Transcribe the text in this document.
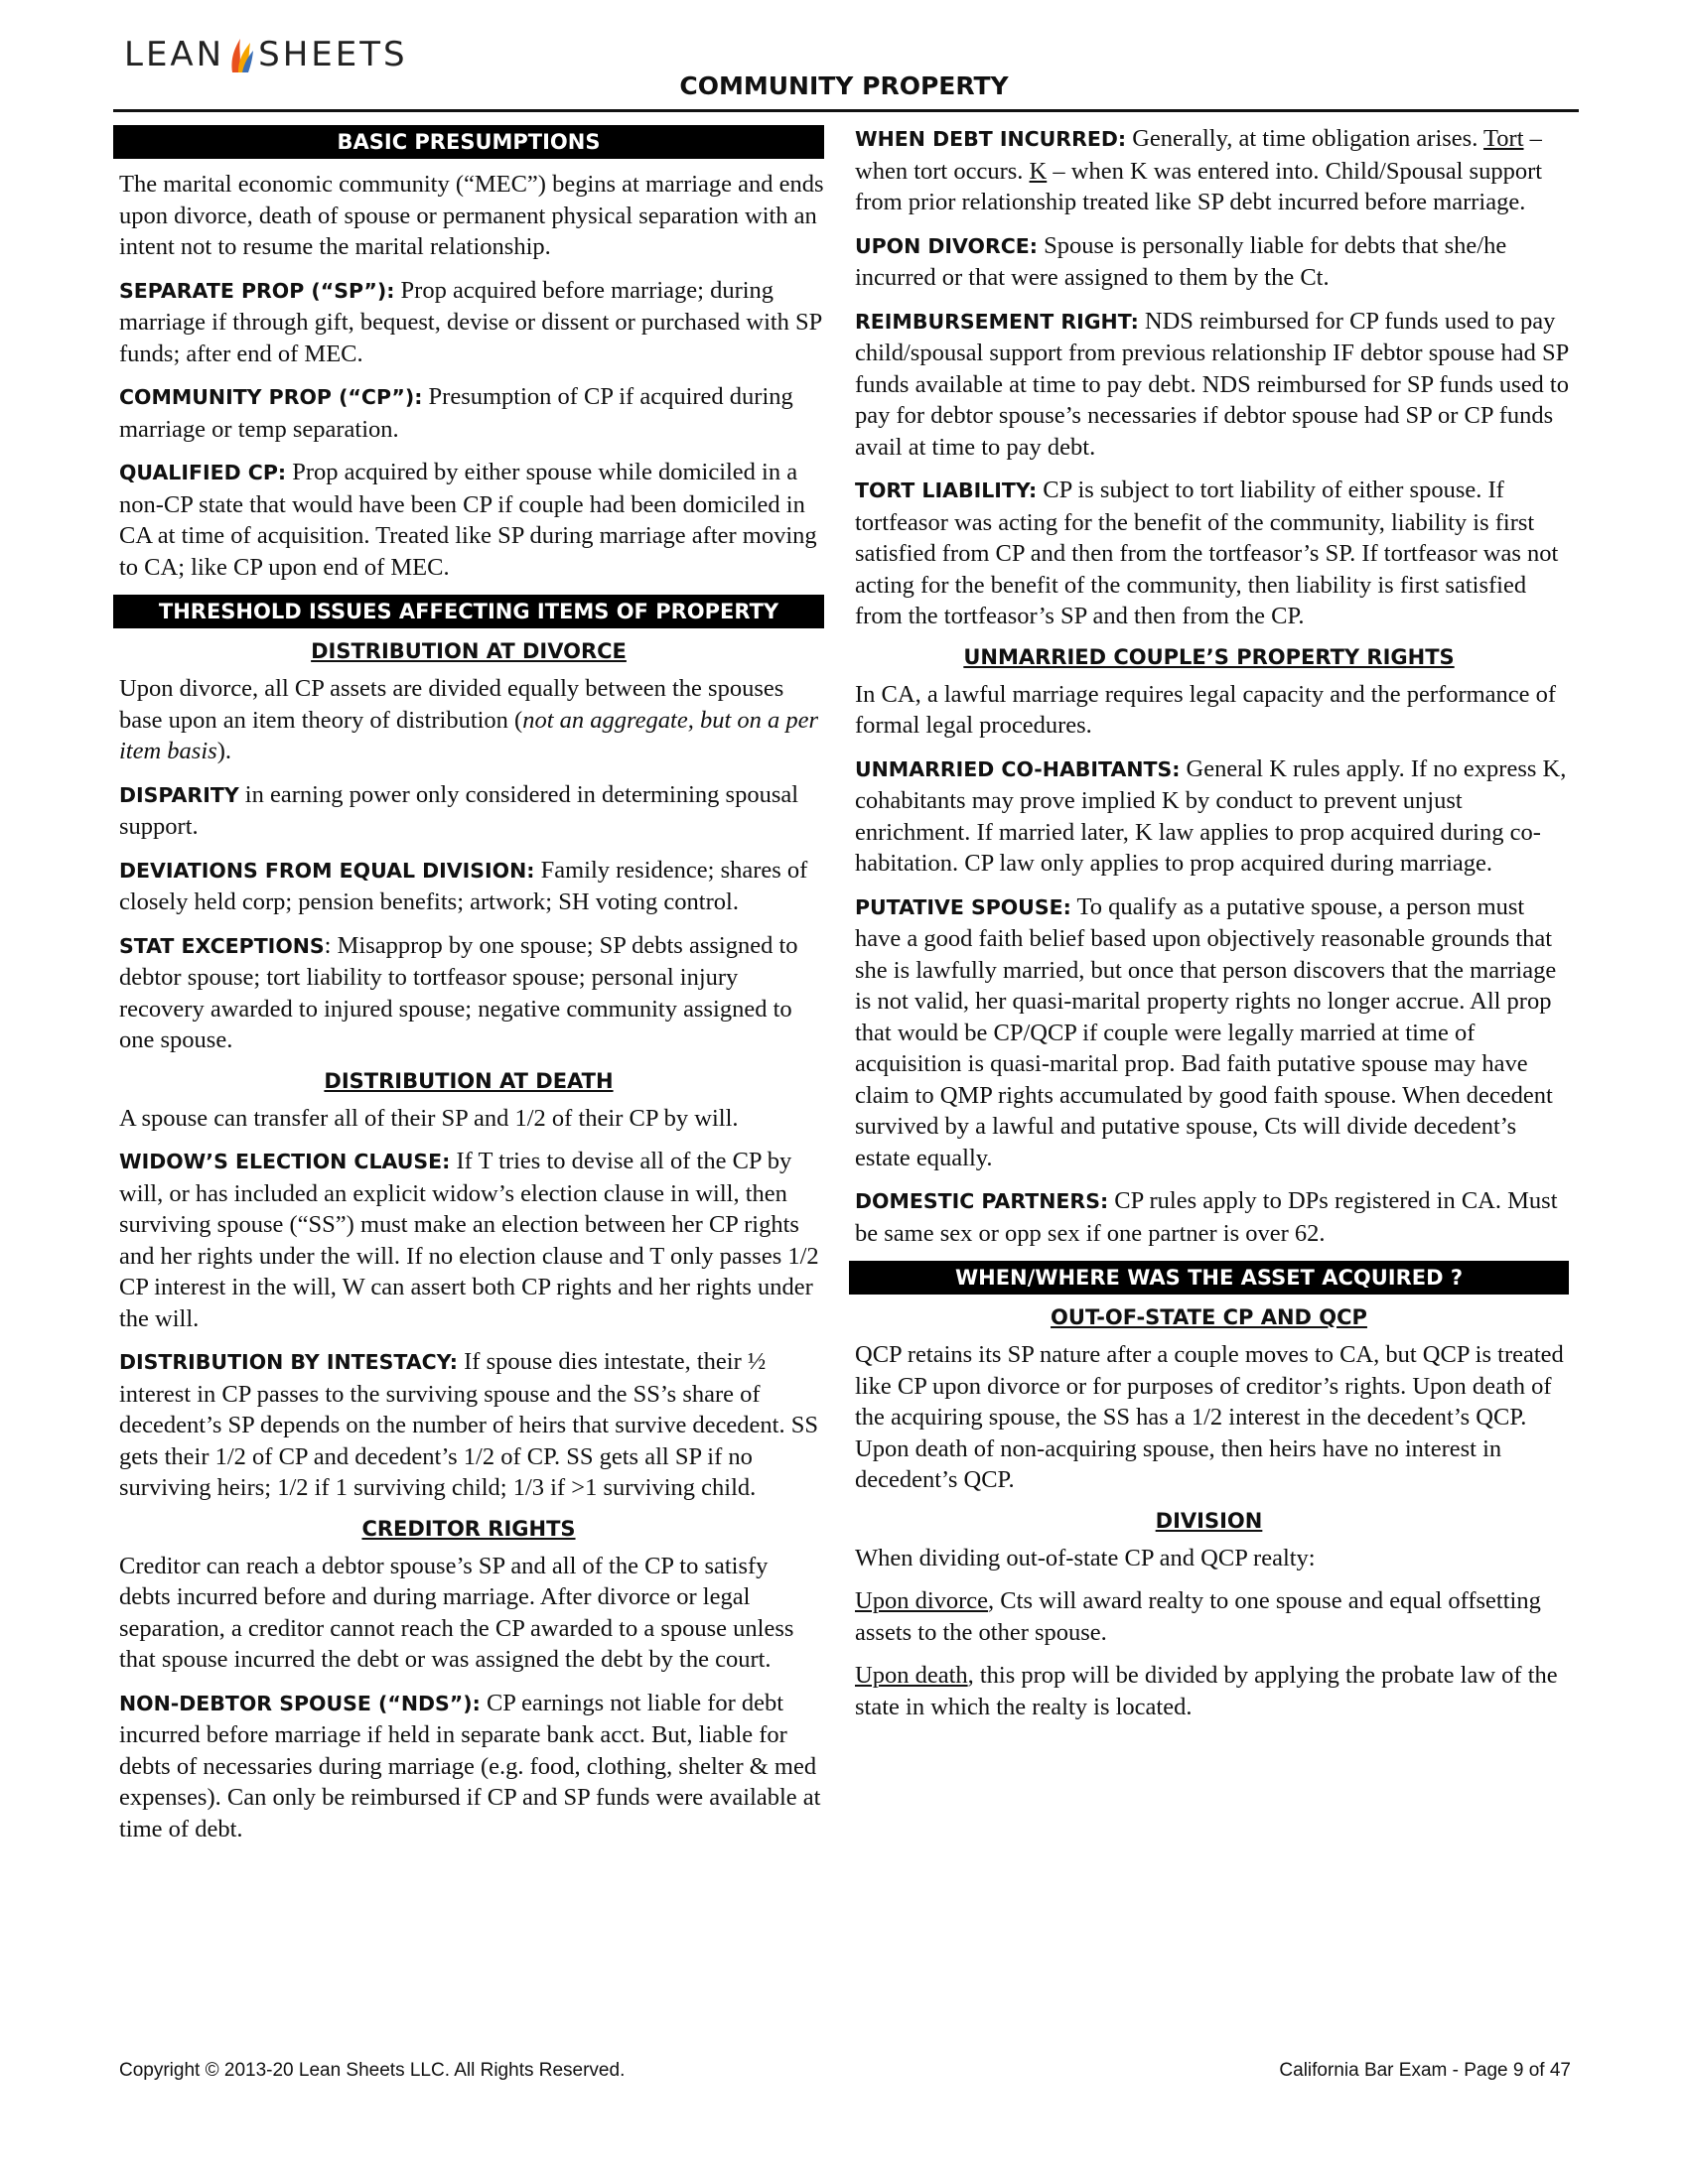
LEAN SHEETS
COMMUNITY PROPERTY
BASIC PRESUMPTIONS

The marital economic community (“MEC”) begins at marriage and ends upon divorce, death of spouse or permanent physical separation with an intent not to resume the marital relationship.

SEPARATE PROP (“SP”): Prop acquired before marriage; during marriage if through gift, bequest, devise or dissent or purchased with SP funds; after end of MEC.

COMMUNITY PROP (“CP”): Presumption of CP if acquired during marriage or temp separation.

QUALIFIED CP: Prop acquired by either spouse while domiciled in a non-CP state that would have been CP if couple had been domiciled in CA at time of acquisition. Treated like SP during marriage after moving to CA; like CP upon end of MEC.

THRESHOLD ISSUES AFFECTING ITEMS OF PROPERTY
DISTRIBUTION AT DIVORCE

Upon divorce, all CP assets are divided equally between the spouses base upon an item theory of distribution (not an aggregate, but on a per item basis).

DISPARITY in earning power only considered in determining spousal support.

DEVIATIONS FROM EQUAL DIVISION: Family residence; shares of closely held corp; pension benefits; artwork; SH voting control.

STAT EXCEPTIONS: Misapprop by one spouse; SP debts assigned to debtor spouse; tort liability to tortfeasor spouse; personal injury recovery awarded to injured spouse; negative community assigned to one spouse.

DISTRIBUTION AT DEATH

A spouse can transfer all of their SP and 1/2 of their CP by will.

WIDOW’S ELECTION CLAUSE: If T tries to devise all of the CP by will, or has included an explicit widow’s election clause in will, then surviving spouse (“SS”) must make an election between her CP rights and her rights under the will. If no election clause and T only passes 1/2 CP interest in the will, W can assert both CP rights and her rights under the will.

DISTRIBUTION BY INTESTACY: If spouse dies intestate, their ½ interest in CP passes to the surviving spouse and the SS’s share of decedent’s SP depends on the number of heirs that survive decedent. SS gets their 1/2 of CP and decedent’s 1/2 of CP. SS gets all SP if no surviving heirs; 1/2 if 1 surviving child; 1/3 if >1 surviving child.

CREDITOR RIGHTS

Creditor can reach a debtor spouse’s SP and all of the CP to satisfy debts incurred before and during marriage. After divorce or legal separation, a creditor cannot reach the CP awarded to a spouse unless that spouse incurred the debt or was assigned the debt by the court.

NON-DEBTOR SPOUSE (“NDS”): CP earnings not liable for debt incurred before marriage if held in separate bank acct. But, liable for debts of necessaries during marriage (e.g. food, clothing, shelter & med expenses). Can only be reimbursed if CP and SP funds were available at time of debt.

WHEN DEBT INCURRED: Generally, at time obligation arises. Tort – when tort occurs. K – when K was entered into. Child/Spousal support from prior relationship treated like SP debt incurred before marriage.

UPON DIVORCE: Spouse is personally liable for debts that she/he incurred or that were assigned to them by the Ct.

REIMBURSEMENT RIGHT: NDS reimbursed for CP funds used to pay child/spousal support from previous relationship IF debtor spouse had SP funds available at time to pay debt. NDS reimbursed for SP funds used to pay for debtor spouse’s necessaries if debtor spouse had SP or CP funds avail at time to pay debt.

TORT LIABILITY: CP is subject to tort liability of either spouse. If tortfeasor was acting for the benefit of the community, liability is first satisfied from CP and then from the tortfeasor’s SP. If tortfeasor was not acting for the benefit of the community, then liability is first satisfied from the tortfeasor’s SP and then from the CP.

UNMARRIED COUPLE’S PROPERTY RIGHTS

In CA, a lawful marriage requires legal capacity and the performance of formal legal procedures.

UNMARRIED CO-HABITANTS: General K rules apply. If no express K, cohabitants may prove implied K by conduct to prevent unjust enrichment. If married later, K law applies to prop acquired during co-habitation. CP law only applies to prop acquired during marriage.

PUTATIVE SPOUSE: To qualify as a putative spouse, a person must have a good faith belief based upon objectively reasonable grounds that she is lawfully married, but once that person discovers that the marriage is not valid, her quasi-marital property rights no longer accrue. All prop that would be CP/QCP if couple were legally married at time of acquisition is quasi-marital prop. Bad faith putative spouse may have claim to QMP rights accumulated by good faith spouse. When decedent survived by a lawful and putative spouse, Cts will divide decedent’s estate equally.

DOMESTIC PARTNERS: CP rules apply to DPs registered in CA. Must be same sex or opp sex if one partner is over 62.

WHEN/WHERE WAS THE ASSET ACQUIRED ?
OUT-OF-STATE CP AND QCP

QCP retains its SP nature after a couple moves to CA, but QCP is treated like CP upon divorce or for purposes of creditor’s rights. Upon death of the acquiring spouse, the SS has a 1/2 interest in the decedent’s QCP. Upon death of non-acquiring spouse, then heirs have no interest in decedent’s QCP.

DIVISION

When dividing out-of-state CP and QCP realty:

Upon divorce, Cts will award realty to one spouse and equal offsetting assets to the other spouse.

Upon death, this prop will be divided by applying the probate law of the state in which the realty is located.

Copyright © 2013-20 Lean Sheets LLC. All Rights Reserved.	California Bar Exam - Page 9 of 47
